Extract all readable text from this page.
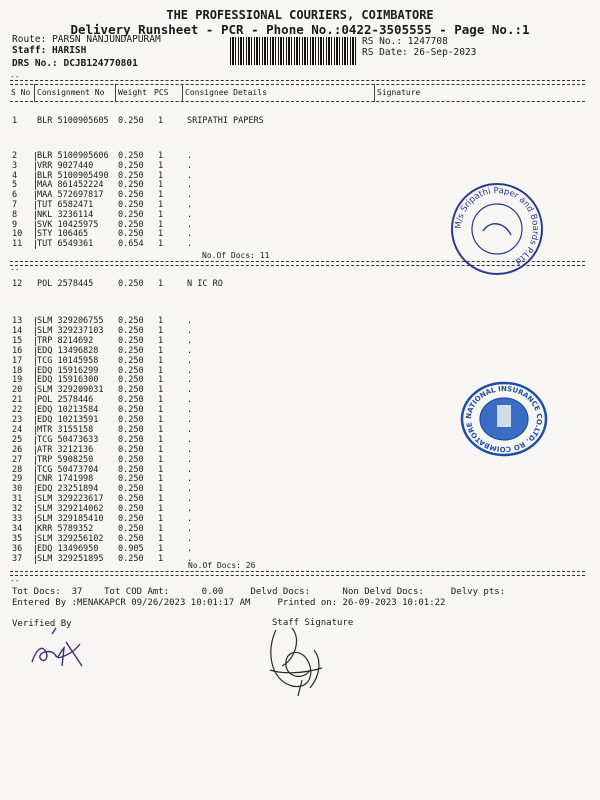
THE PROFESSIONAL COURIERS, COIMBATORE
Delivery Runsheet - PCR - Phone No.:0422-3505555 - Page No.:1
Route: PARSN NANJUNDAPURAM
Staff: HARISH
DRS No.: DCJB124770801
RS No.: 1247708
RS Date: 26-Sep-2023
--
S No Consignment No Weight PCS Consignee Details	Signature
1 BLR 5100905605 0.250 1	SRIPATHI PAPERS
2 BLR 5100905606 0.250 1	.
3 VRR 9027440	0.250 1	.
4 BLR 5100905490 0.250 1	.
5 MAA 861452224 0.250 1	.
6 MAA 572697817 0.250 1	.
7 TUT 6582471	0.250 1	.
8 NKL 3236114	0.250 1	.
9 SVK 10425975 0.250 1	.
10 STY 106465	0.250 1	.
11 TUT 6549361	0.654 1	.
No.Of Docs: 11
--
12 POL 2578445	0.250 1	N IC RO
13 SLM 329206755 0.250 1	.
14 SLM 329237103 0.250 1	.
15 TRP 8214692	0.250 1	.
16 EDQ 13496828 0.250 1	.
17 TCG 10145958 0.250 1	.
18 EDQ 15916299 0.250 1	.
19 EDQ 15916300 0.250 1	.
20 SLM 329209031 0.250 1	.
21 POL 2578446	0.250 1	.
22 EDQ 10213584 0.250 1	.
23 EDQ 10213591 0.250 1	.
24 MTR 3155158	0.250 1	.
25 TCG 50473633 0.250 1	.
26 ATR 3212136	0.250 1	.
27 TRP 5908250	0.250 1	.
28 TCG 50473704 0.250 1	.
29 CNR 1741998	0.250 1	.
30 EDQ 23251894 0.250 1	.
31 SLM 329223617 0.250 1	.
32 SLM 329214062 0.250 1	.
33 SLM 329185410 0.250 1	.
34 KRR 5789352	0.250 1	.
35 SLM 329256102 0.250 1	.
36 EDQ 13496950 0.905 1	.
37 SLM 329251895 0.250 1	.
No.Of Docs: 26
--
Tot Docs:  37    Tot COD Amt:      0.00     Delvd Docs:      Non Delvd Docs:     Delvy pts:
Entered By :MENAKAPCR 09/26/2023 10:01:17 AM     Printed on: 26-09-2023 10:01:22
Verified By	Staff Signature

M/s Sripathi Paper and Boards P.Ltd

NATIONAL INSURANCE CO.LTD. RO COIMBATORE
